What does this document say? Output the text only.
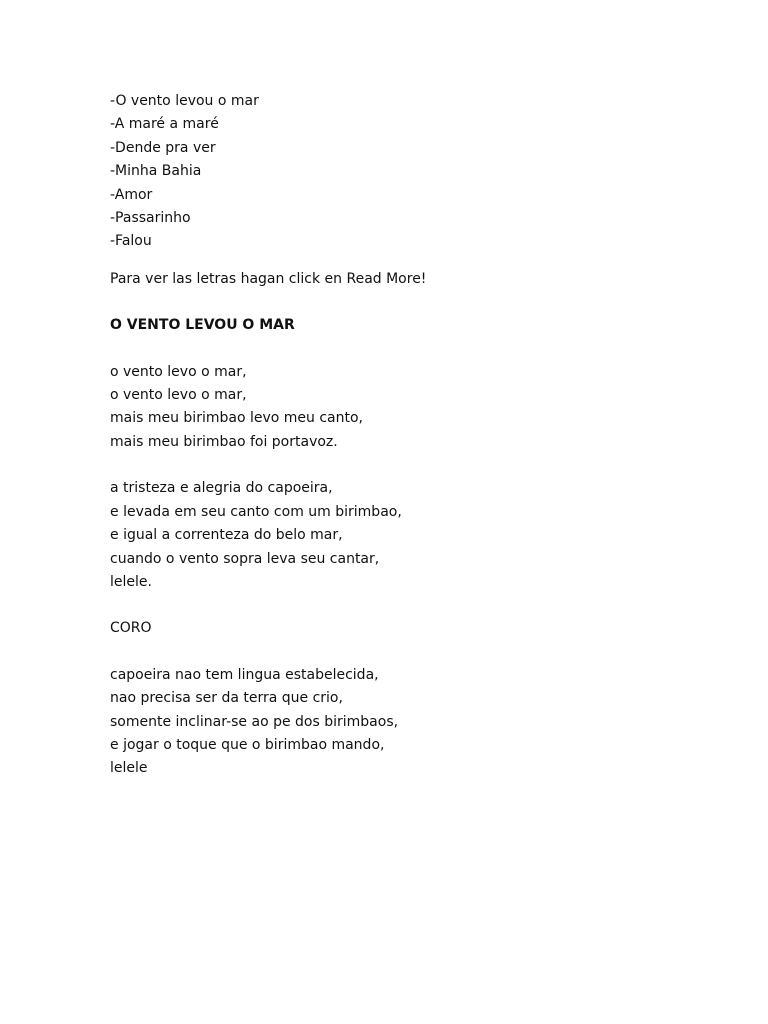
-O vento levou o mar
-A maré a maré
-Dende pra ver
-Minha Bahia
-Amor
-Passarinho
-Falou

Para ver las letras hagan click en Read More!

O VENTO LEVOU O MAR

o vento levo o mar,
o vento levo o mar,
mais meu birimbao levo meu canto,
mais meu birimbao foi portavoz.
a tristeza e alegria do capoeira,
e levada em seu canto com um birimbao,
e igual a correnteza do belo mar,
cuando o vento sopra leva seu cantar,
lelele.

CORO

capoeira nao tem lingua estabelecida,
nao precisa ser da terra que crio,
somente inclinar-se ao pe dos birimbaos,
e jogar o toque que o birimbao mando,
lelele
